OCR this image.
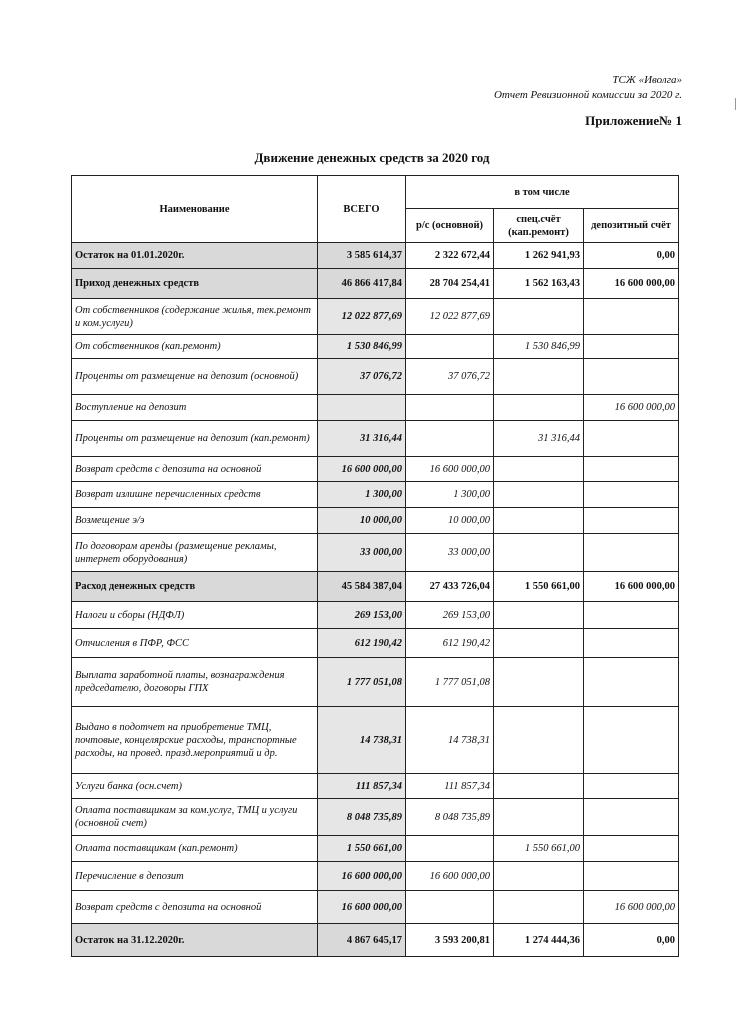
ТСЖ «Иволга»
Отчет Ревизионной комиссии за 2020 г.
Приложение№ 1
Движение денежных средств за 2020 год
Наименование	ВСЕГО	в том числе		
		р/с (основной)	спец.счёт (кап.ремонт)	депозитный счёт
Остаток на 01.01.2020г.	3 585 614,37	2 322 672,44	1 262 941,93	0,00
Приход денежных средств	46 866 417,84	28 704 254,41	1 562 163,43	16 600 000,00
От собственников (содержание жилья, тек.ремонт и ком.услуги)	12 022 877,69	12 022 877,69		
От собственников (кап.ремонт)	1 530 846,99		1 530 846,99	
Проценты от размещение на депозит (основной)	37 076,72	37 076,72		
Воступление на депозит				16 600 000,00
Проценты от размещение на депозит (кап.ремонт)	31 316,44		31 316,44	
Возврат средств с депозита на основной	16 600 000,00	16 600 000,00		
Возврат излишне перечисленных средств	1 300,00	1 300,00		
Возмещение э/э	10 000,00	10 000,00		
По договорам аренды (размещение рекламы, интернет оборудования)	33 000,00	33 000,00		
Расход денежных средств	45 584 387,04	27 433 726,04	1 550 661,00	16 600 000,00
Налоги и сборы (НДФЛ)	269 153,00	269 153,00		
Отчисления в ПФР, ФСС	612 190,42	612 190,42		
Выплата заработной платы, вознаграждения председателю, договоры ГПХ	1 777 051,08	1 777 051,08		
Выдано в подотчет на приобретение ТМЦ, почтовые, концелярские расходы, транспортные расходы, на провед. празд.мероприятий и др.	14 738,31	14 738,31		
Услуги банка (осн.счет)	111 857,34	111 857,34		
Оплата поставщикам за ком.услуг, ТМЦ и услуги (основной счет)	8 048 735,89	8 048 735,89		
Оплата поставщикам (кап.ремонт)	1 550 661,00		1 550 661,00	
Перечисление в депозит	16 600 000,00	16 600 000,00		
Возврат средств с депозита на основной	16 600 000,00			16 600 000,00
Остаток на 31.12.2020г.	4 867 645,17	3 593 200,81	1 274 444,36	0,00
